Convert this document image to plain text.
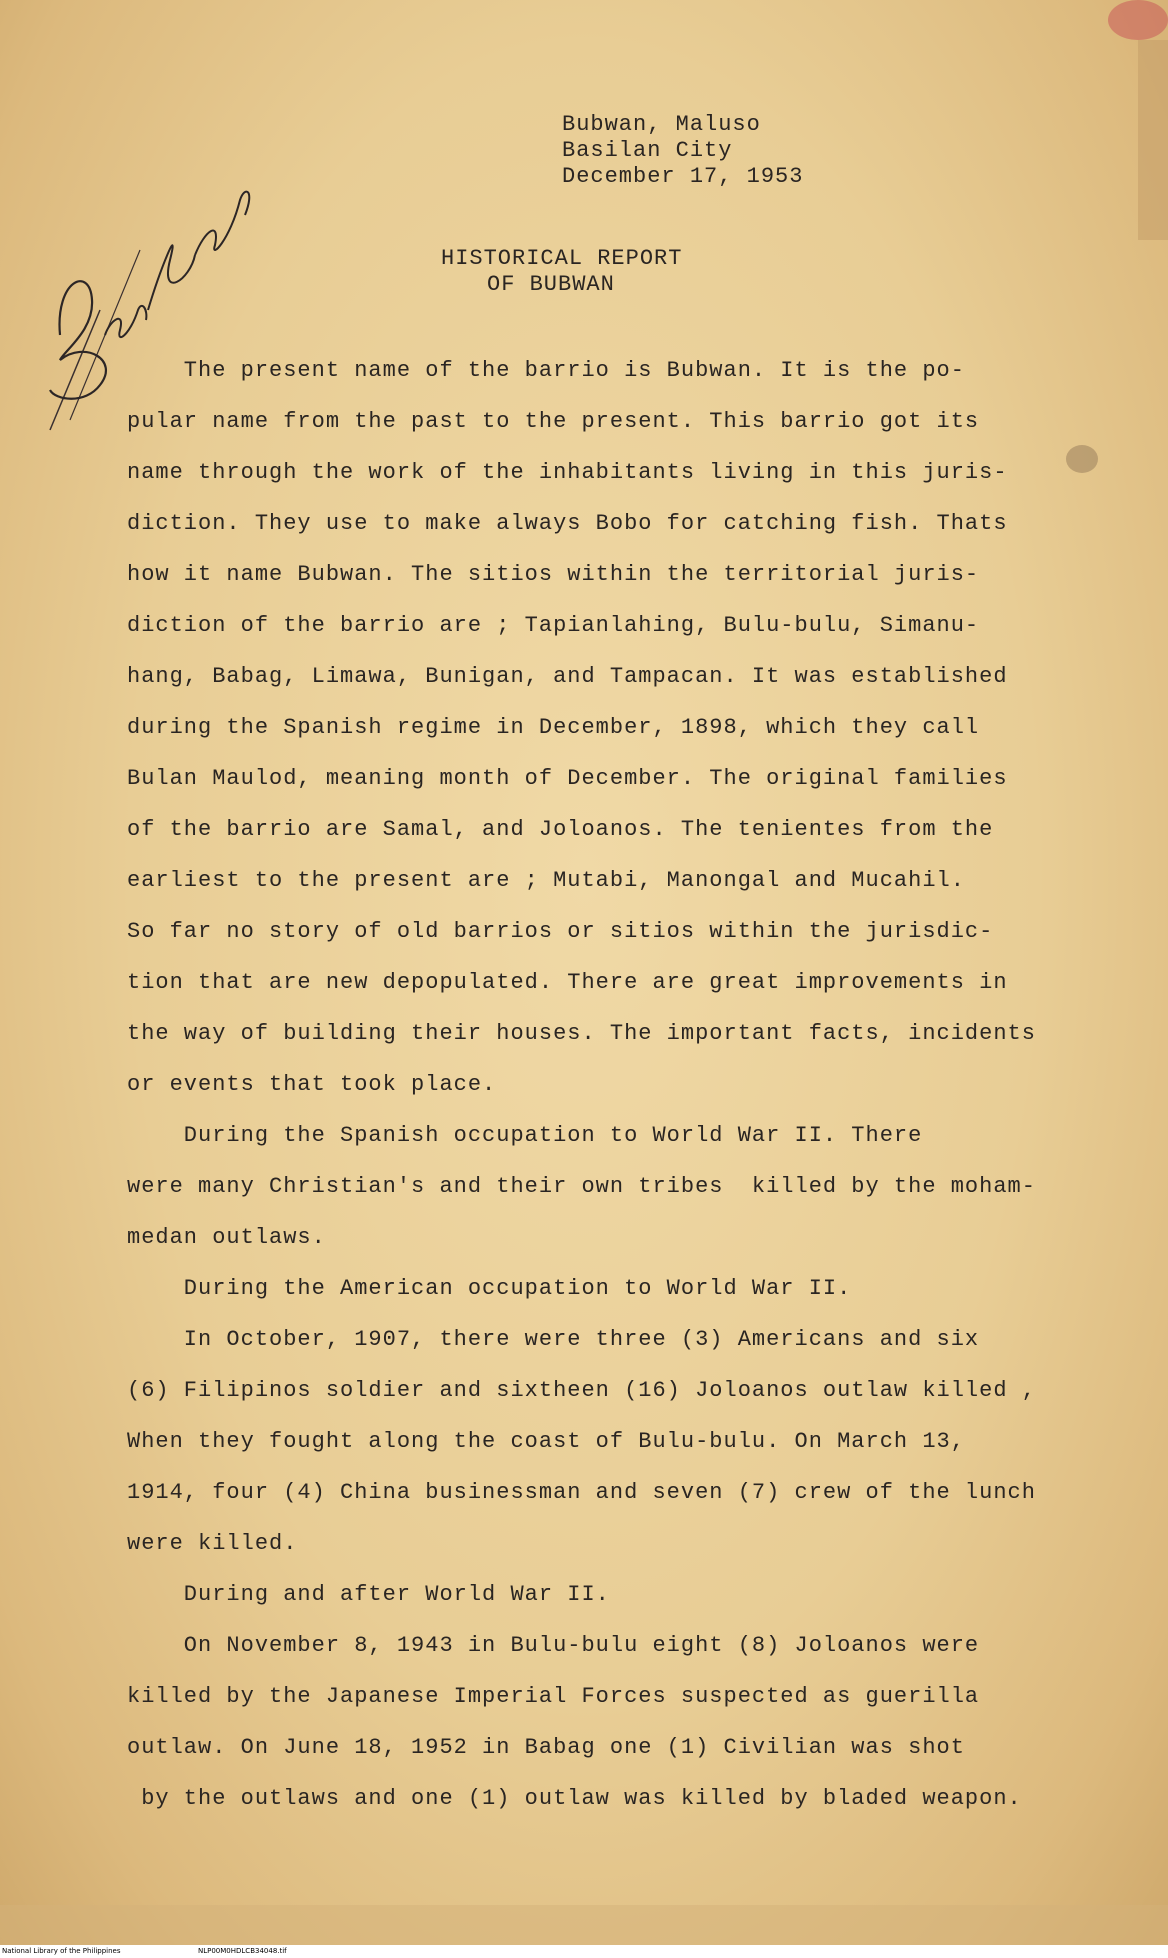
Bubwan, Maluso
Basilan City
December 17, 1953
HISTORICAL REPORT
OF BUBWAN
The present name of the barrio is Bubwan. It is the po-
pular name from the past to the present. This barrio got its
name through the work of the inhabitants living in this juris-
diction. They use to make always Bobo for catching fish. Thats
how it name Bubwan. The sitios within the territorial juris-
diction of the barrio are ; Tapianlahing, Bulu-bulu, Simanu-
hang, Babag, Limawa, Bunigan, and Tampacan. It was established
during the Spanish regime in December, 1898, which they call
Bulan Maulod, meaning month of December. The original families
of the barrio are Samal, and Joloanos. The tenientes from the
earliest to the present are ; Mutabi, Manongal and Mucahil.
So far no story of old barrios or sitios within the jurisdic-
tion that are new depopulated. There are great improvements in
the way of building their houses. The important facts, incidents
or events that took place.
During the Spanish occupation to World War II. There
were many Christian's and their own tribes  killed by the moham-
medan outlaws.
During the American occupation to World War II.
In October, 1907, there were three (3) Americans and six
(6) Filipinos soldier and sixtheen (16) Joloanos outlaw killed ,
When they fought along the coast of Bulu-bulu. On March 13,
1914, four (4) China businessman and seven (7) crew of the lunch
were killed.
During and after World War II.
On November 8, 1943 in Bulu-bulu eight (8) Joloanos were
killed by the Japanese Imperial Forces suspected as guerilla
outlaw. On June 18, 1952 in Babag one (1) Civilian was shot
by the outlaws and one (1) outlaw was killed by bladed weapon.
National Library of the Philippines	NLP00M0HDLCB34048.tif
